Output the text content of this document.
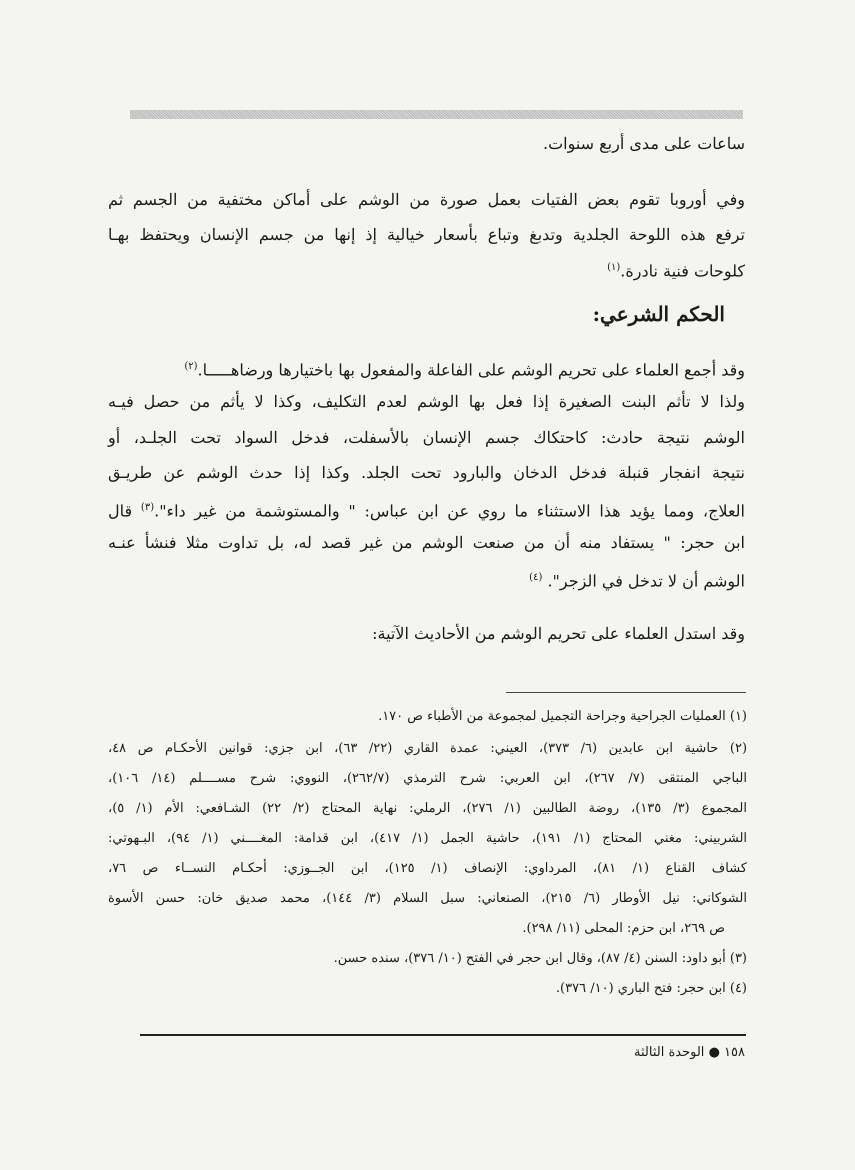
ساعات على مدى أربع سنوات.
وفي أوروبا تقوم بعض الفتيات بعمل صورة من الوشم على أماكن مختفية من الجسم ثم
ترفع هذه اللوحة الجلدية وتدبغ وتباع بأسعار خيالية إذ إنها من جسم الإنسان ويحتفظ بهـا
كلوحات فنية نادرة.$^{(١)}$
الحكم الشرعي:
وقد أجمع العلماء على تحريم الوشم على الفاعلة والمفعول بها باختيارها ورضاهـــــا.$^{(٢)}$
ولذا لا تأثم البنت الصغيرة إذا فعل بها الوشم لعدم التكليف، وكذا لا يأثم من حصل فيـه
الوشم نتيجة حادث: كاحتكاك جسم الإنسان بالأسفلت، فدخل السواد تحت الجلـد، أو
نتيجة انفجار قنبلة فدخل الدخان والبارود تحت الجلد. وكذا إذا حدث الوشم عن طريـق
العلاج، ومما يؤيد هذا الاستثناء ما روي عن ابن عباس: " والمستوشمة من غير داء".$^{(٣)}$ قال
ابن حجر: " يستفاد منه أن من صنعت الوشم من غير قصد له، بل تداوت مثلا فنشأ عنـه
الوشم أن لا تدخل في الزجر". $^{(٤)}$
وقد استدل العلماء على تحريم الوشم من الأحاديث الآتية:
(١) العمليات الجراحية وجراحة التجميل لمجموعة من الأطباء ص ١٧٠.
(٢) حاشية ابن عابدين (٦/ ٣٧٣)، العيني: عمدة القاري (٢٢/ ٦٣)، ابن جزي: قوانين الأحكـام ص ٤٨،
الباجي المنتقى (٧/ ٢٦٧)، ابن العربي: شرح الترمذي (٢٦٢/٧)، النووي: شرح مســــلم (١٤/ ١٠٦)،
المجموع (٣/ ١٣٥)، روضة الطالبين (١/ ٢٧٦)، الرملي: نهاية المحتاج (٢/ ٢٢) الشـافعي: الأم (١/ ٥)،
الشربيني: مغني المحتاج (١/ ١٩١)، حاشية الجمل (١/ ٤١٧)، ابن قدامة: المغــــني (١/ ٩٤)، البـهوتي:
كشاف القناع (١/ ٨١)، المرداوي: الإنصاف (١/ ١٢٥)، ابن الجــوزي: أحكـام النســاء ص ٧٦،
الشوكاني: نيل الأوطار (٦/ ٢١٥)، الصنعاني: سبل السلام (٣/ ١٤٤)، محمد صديق خان: حسن الأسوة
ص ٢٦٩، ابن حزم: المحلى (١١/ ٢٩٨).
(٣) أبو داود: السنن (٤/ ٨٧)، وقال ابن حجر في الفتح (١٠/ ٣٧٦)، سنده حسن.
(٤) ابن حجر: فتح الباري (١٠/ ٣٧٦).
١٥٨ ● الوحدة الثالثة
